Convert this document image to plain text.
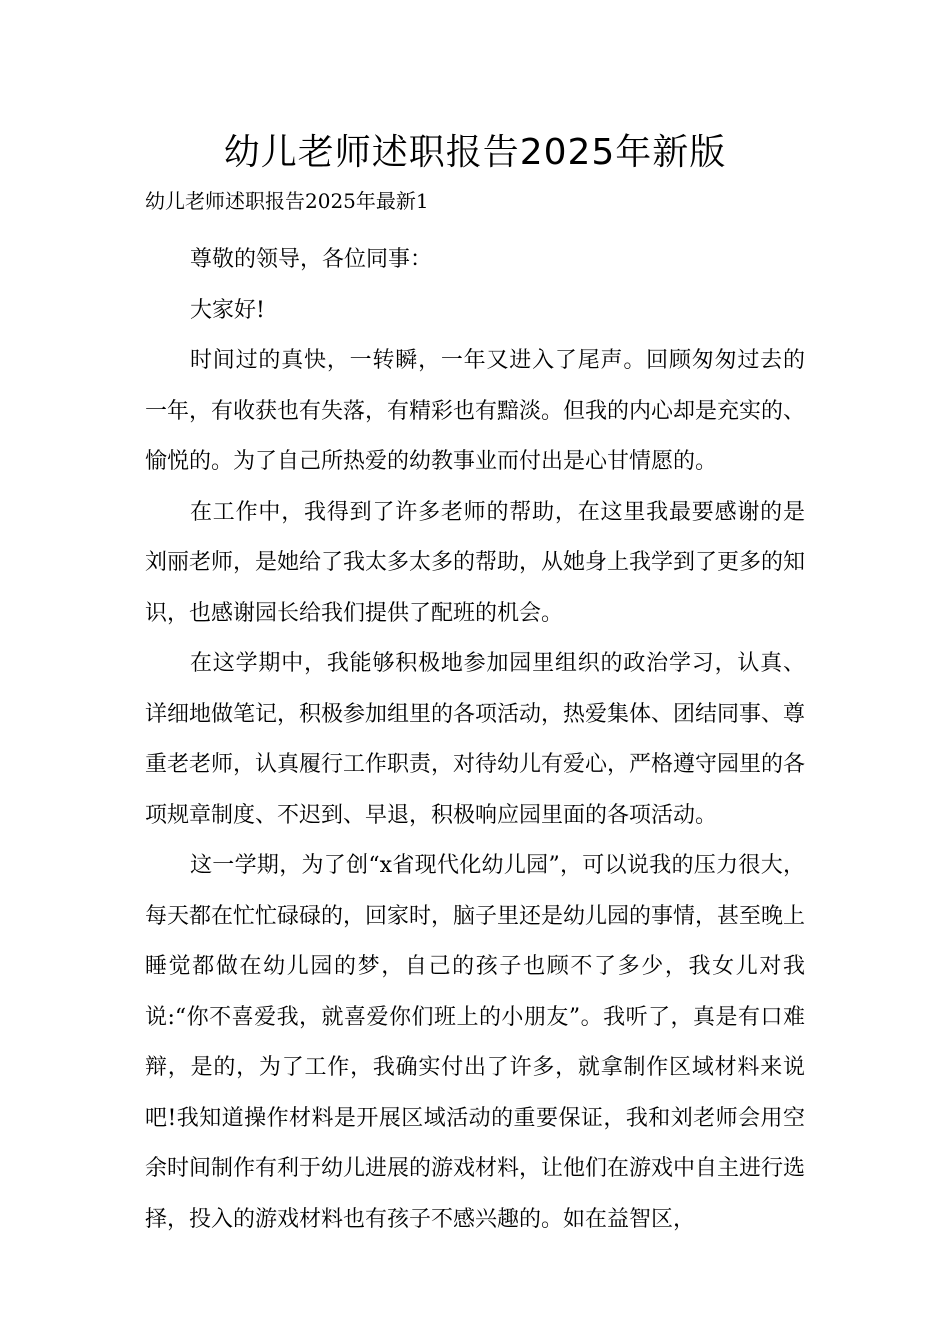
幼儿老师述职报告2025年新版

幼儿老师述职报告2025年最新1

尊敬的领导，各位同事：

大家好!

时间过的真快，一转瞬，一年又进入了尾声。回顾匆匆过去的一年，有收获也有失落，有精彩也有黯淡。但我的内心却是充实的、愉悦的。为了自己所热爱的幼教事业而付出是心甘情愿的。

在工作中，我得到了许多老师的帮助，在这里我最要感谢的是刘丽老师，是她给了我太多太多的帮助，从她身上我学到了更多的知识，也感谢园长给我们提供了配班的机会。

在这学期中，我能够积极地参加园里组织的政治学习，认真、详细地做笔记，积极参加组里的各项活动，热爱集体、团结同事、尊重老老师，认真履行工作职责，对待幼儿有爱心，严格遵守园里的各项规章制度、不迟到、早退，积极响应园里面的各项活动。

这一学期，为了创“x省现代化幼儿园”，可以说我的压力很大，每天都在忙忙碌碌的，回家时，脑子里还是幼儿园的事情，甚至晚上睡觉都做在幼儿园的梦，自己的孩子也顾不了多少，我女儿对我说:“你不喜爱我，就喜爱你们班上的小朋友”。我听了，真是有口难辩，是的，为了工作，我确实付出了许多，就拿制作区域材料来说吧!我知道操作材料是开展区域活动的重要保证，我和刘老师会用空余时间制作有利于幼儿进展的游戏材料，让他们在游戏中自主进行选择，投入的游戏材料也有孩子不感兴趣的。如在益智区，
